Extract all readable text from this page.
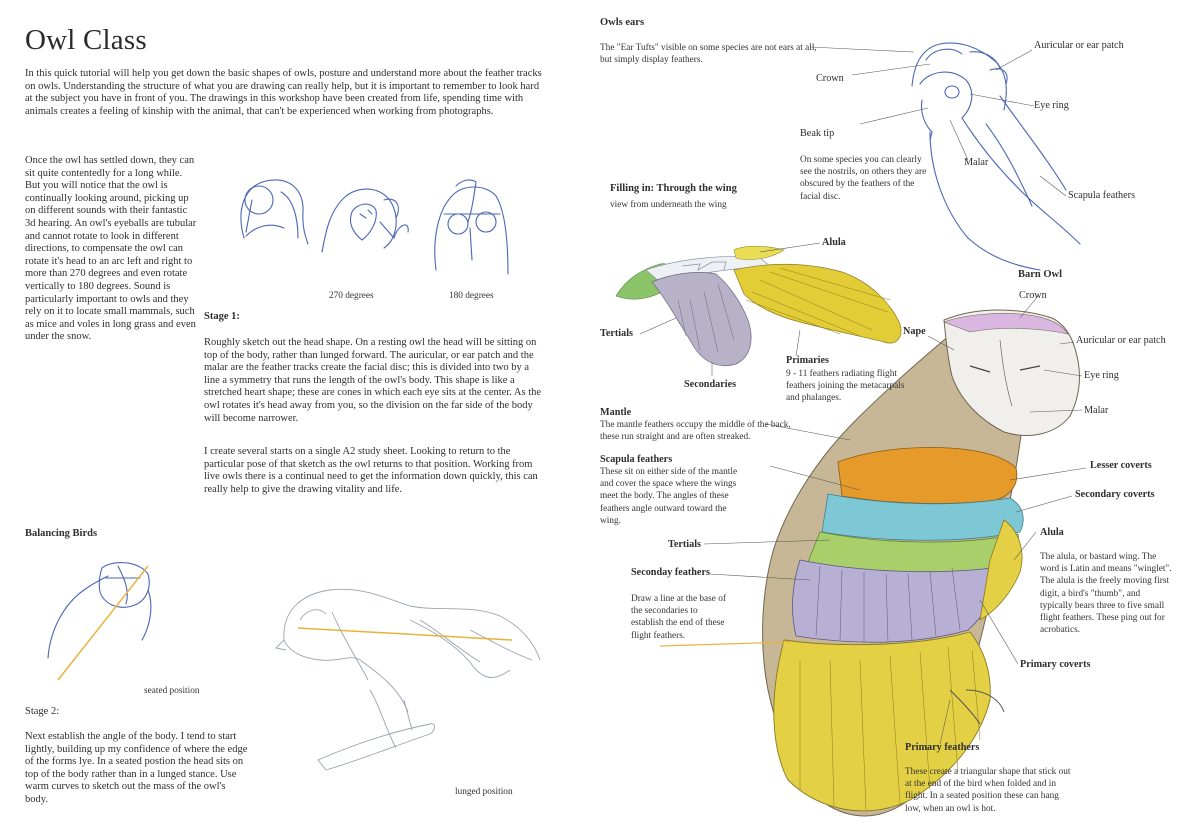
Owl Class
In this quick tutorial will help you get down the basic shapes of owls, posture and understand more about the feather tracks on owls. Understanding the structure of what you are drawing can really help, but it is important to remember to look hard at the subject you have in front of you. The drawings in this workshop have been created from life, spending time with animals creates a feeling of kinship with the animal, that can't be experienced when working from photographs.
Once the owl has settled down, they can sit quite contentedly for a long while. But you will notice that the owl is continually looking around, picking up on different sounds with their fantastic 3d hearing. An owl's eyeballs are tubular and cannot rotate to look in different directions, to compensate the owl can rotate it's head to an arc left and right to more than 270 degrees and even rotate vertically to 180 degrees. Sound is particularly important to owls and they rely on it to locate small mammals, such as mice and voles in long grass and even under the snow.
270 degrees	180 degrees
Stage 1:
Roughly sketch out the head shape. On a resting owl the head will be sitting on top of the body, rather than lunged forward. The auricular, or ear patch and the malar are the feather tracks create the facial disc; this is divided into two by a line a symmetry that runs the length of the owl's body. This shape is like a stretched heart shape; these are cones in which each eye sits at the center. As the owl rotates it's head away from you, so the division on the far side of the body will become narrower.
I create several starts on a single A2 study sheet. Looking to return to the particular pose of that sketch as the owl returns to that position. Working from live owls there is a continual need to get the information down quickly, this can really help to give the drawing vitality and life.
Balancing Birds
seated position
Stage 2:
Next establish the angle of the body. I tend to start lightly, building up my confidence of where the edge of the forms lye. In a seated postion the head sits on top of the body rather than in a lunged stance. Use warm curves to sketch out the mass of the owl's body.
lunged position
Owls ears
The "Ear Tufts" visible on some species are not ears at all, but simply display feathers.
Auricular or ear patch
Crown
Eye ring
Beak tip
Malar
Scapula feathers
On some species you can clearly see the nostrils, on others they are obscured by the feathers of the facial disc.
Filling in: Through the wing
view from underneath the wing
Alula
Tertials
Secondaries
Primaries
9 - 11 feathers radiating flight feathers joining the metacarpals and phalanges.
Barn Owl
Crown
Nape
Auricular or ear patch
Eye ring
Malar
Lesser coverts
Secondary coverts
Alula
The alula, or bastard wing. The word is Latin and means "winglet". The alula is the freely moving first digit, a bird's "thumb", and typically bears three to five small flight feathers. These ping out for acrobatics.
Primary coverts
Primary feathers
These create a triangular shape that stick out at the end of the bird when folded and in flight. In a seated position these can hang low, when an owl is hot.
Mantle
The mantle feathers occupy the middle of the back, these run straight and are often streaked.
Scapula feathers
These sit on either side of the mantle and cover the space where the wings meet the body. The angles of these feathers angle outward toward the wing.
Tertials
Seconday feathers
Draw a line at the base of the secondaries to establish the end of these flight feathers.
